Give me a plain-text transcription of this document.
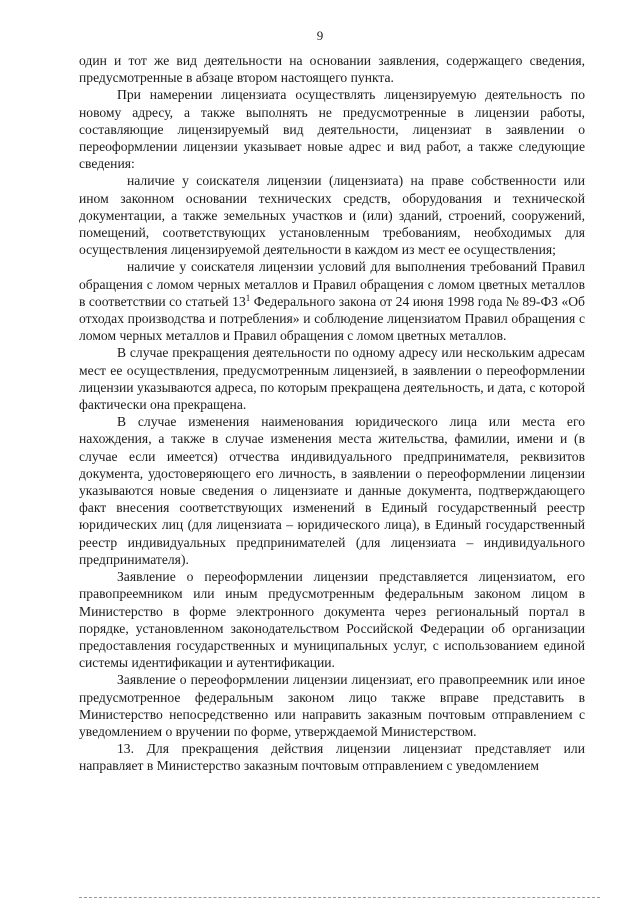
9

один и тот же вид деятельности на основании заявления, содержащего сведения, предусмотренные в абзаце втором настоящего пункта.

При намерении лицензиата осуществлять лицензируемую деятельность по новому адресу, а также выполнять не предусмотренные в лицензии работы, составляющие лицензируемый вид деятельности, лицензиат в заявлении о переоформлении лицензии указывает новые адрес и вид работ, а также следующие сведения:

наличие у соискателя лицензии (лицензиата) на праве собственности или ином законном основании технических средств, оборудования и технической документации, а также земельных участков и (или) зданий, строений, сооружений, помещений, соответствующих установленным требованиям, необходимых для осуществления лицензируемой деятельности в каждом из мест ее осуществления;

наличие у соискателя лицензии условий для выполнения требований Правил обращения с ломом черных металлов и Правил обращения с ломом цветных металлов в соответствии со статьей $13^1$ Федерального закона от 24 июня 1998 года № 89-ФЗ «Об отходах производства и потребления» и соблюдение лицензиатом Правил обращения с ломом черных металлов и Правил обращения с ломом цветных металлов.

В случае прекращения деятельности по одному адресу или нескольким адресам мест ее осуществления, предусмотренным лицензией, в заявлении о переоформлении лицензии указываются адреса, по которым прекращена деятельность, и дата, с которой фактически она прекращена.

В случае изменения наименования юридического лица или места его нахождения, а также в случае изменения места жительства, фамилии, имени и (в случае если имеется) отчества индивидуального предпринимателя, реквизитов документа, удостоверяющего его личность, в заявлении о переоформлении лицензии указываются новые сведения о лицензиате и данные документа, подтверждающего факт внесения соответствующих изменений в Единый государственный реестр юридических лиц (для лицензиата – юридического лица), в Единый государственный реестр индивидуальных предпринимателей (для лицензиата – индивидуального предпринимателя).

Заявление о переоформлении лицензии представляется лицензиатом, его правопреемником или иным предусмотренным федеральным законом лицом в Министерство в форме электронного документа через региональный портал в порядке, установленном законодательством Российской Федерации об организации предоставления государственных и муниципальных услуг, с использованием единой системы идентификации и аутентификации.

Заявление о переоформлении лицензии лицензиат, его правопреемник или иное предусмотренное федеральным законом лицо также вправе представить в Министерство непосредственно или направить заказным почтовым отправлением с уведомлением о вручении по форме, утверждаемой Министерством.

13. Для прекращения действия лицензии лицензиат представляет или направляет в Министерство заказным почтовым отправлением с уведомлением
